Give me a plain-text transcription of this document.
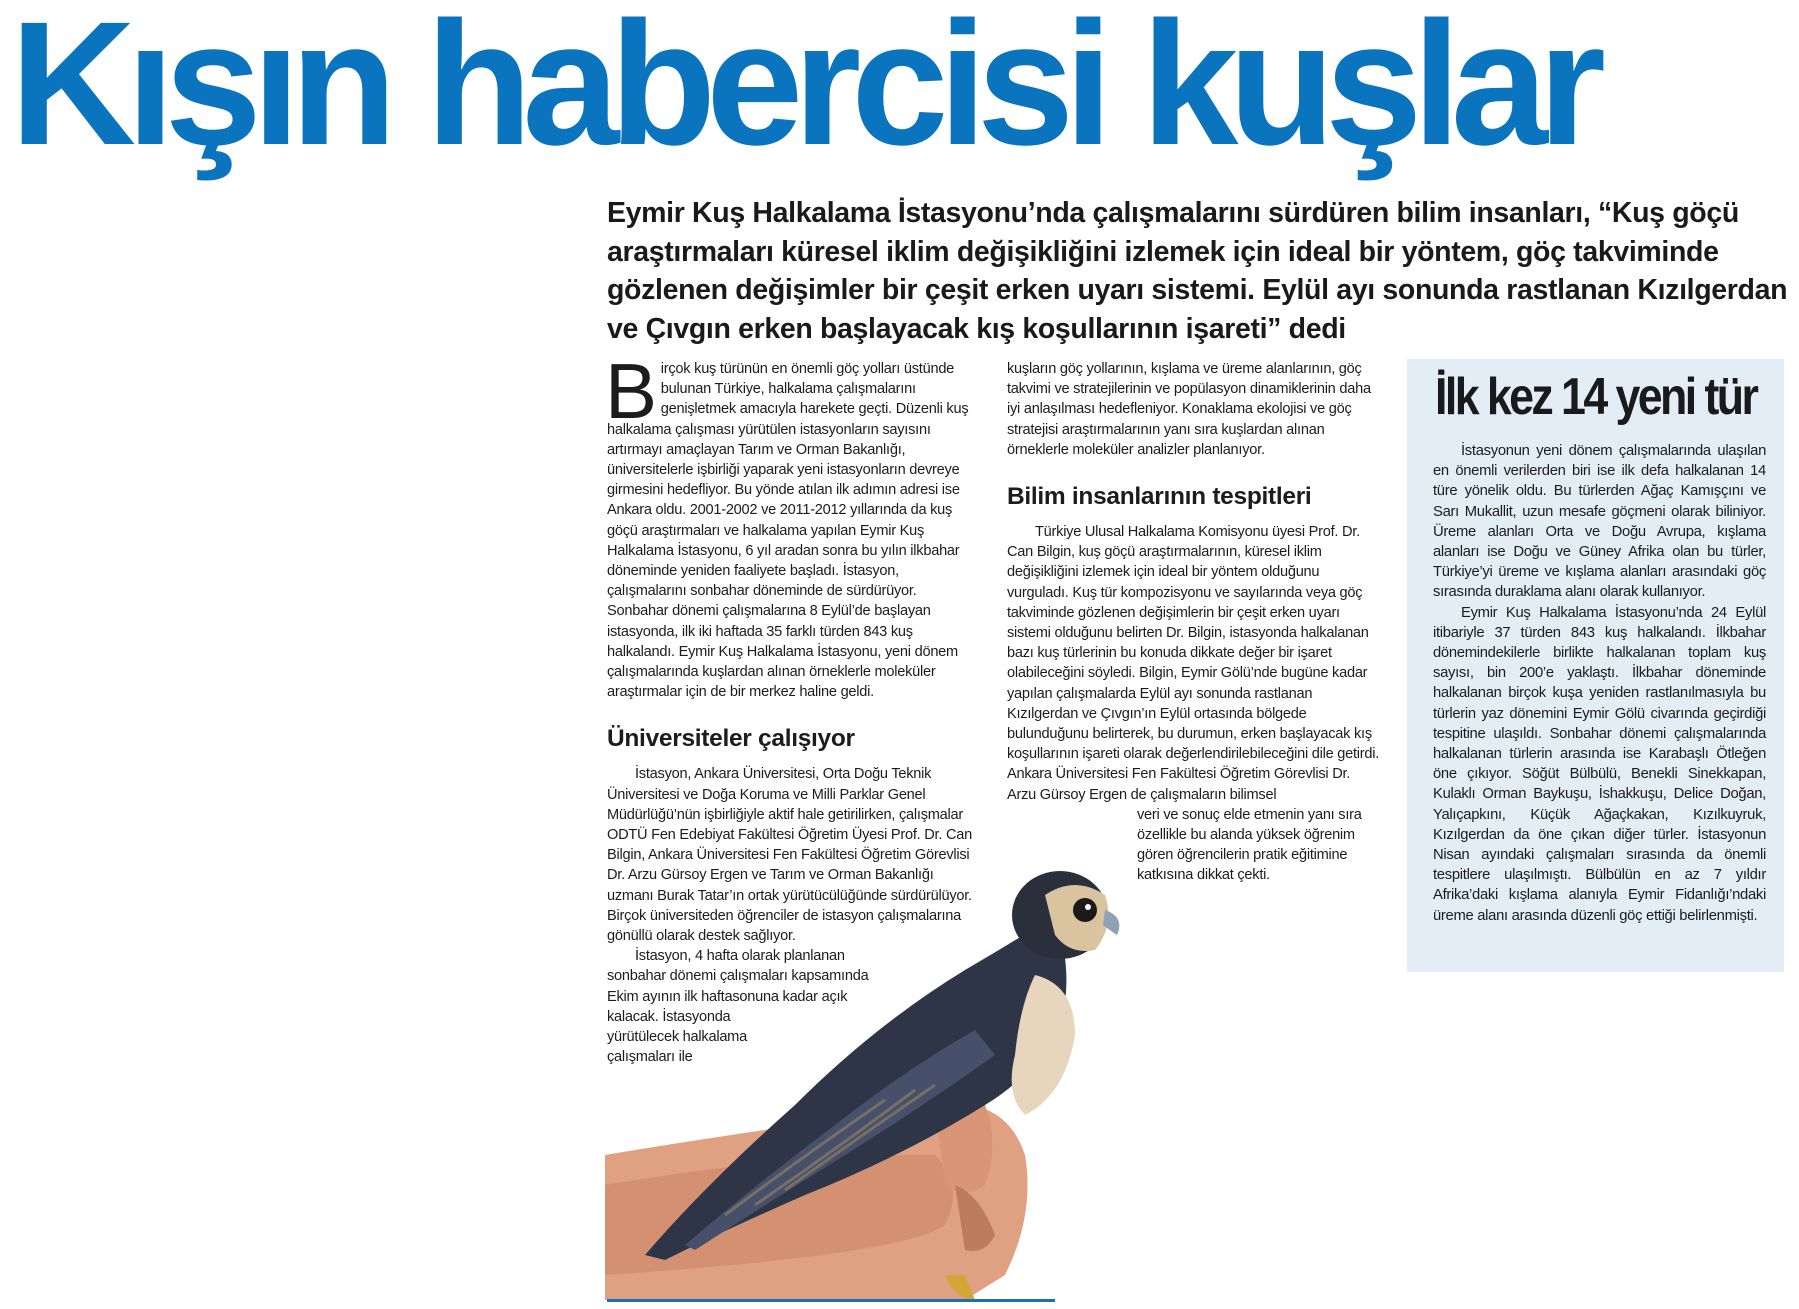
Kışın habercisi kuşlar

Eymir Kuş Halkalama İstasyonu’nda çalışmalarını sürdüren bilim insanları, “Kuş göçü araştırmaları küresel iklim değişikliğini izlemek için ideal bir yöntem, göç takviminde gözlenen değişimler bir çeşit erken uyarı sistemi. Eylül ayı sonunda rastlanan Kızılgerdan ve Çıvgın erken başlayacak kış koşullarının işareti” dedi

B irçok kuş türünün en önemli göç yolları üstünde bulunan Türkiye, halkalama çalışmalarını genişletmek amacıyla harekete geçti. Düzenli kuş halkalama çalışması yürütülen istasyonların sayısını artırmayı amaçlayan Tarım ve Orman Bakanlığı, üniversitelerle işbirliği yaparak yeni istasyonların devreye girmesini hedefliyor. Bu yönde atılan ilk adımın adresi ise Ankara oldu. 2001-2002 ve 2011-2012 yıllarında da kuş göçü araştırmaları ve halkalama yapılan Eymir Kuş Halkalama İstasyonu, 6 yıl aradan sonra bu yılın ilkbahar döneminde yeniden faaliyete başladı. İstasyon, çalışmalarını sonbahar döneminde de sürdürüyor. Sonbahar dönemi çalışmalarına 8 Eylül’de başlayan istasyonda, ilk iki haftada 35 farklı türden 843 kuş halkalandı. Eymir Kuş Halkalama İstasyonu, yeni dönem çalışmalarında kuşlardan alınan örneklerle moleküler araştırmalar için de bir merkez haline geldi.

Üniversiteler çalışıyor

İstasyon, Ankara Üniversitesi, Orta Doğu Teknik Üniversitesi ve Doğa Koruma ve Milli Parklar Genel Müdürlüğü’nün işbirliğiyle aktif hale getirilirken, çalışmalar ODTÜ Fen Edebiyat Fakültesi Öğretim Üyesi Prof. Dr. Can Bilgin, Ankara Üniversitesi Fen Fakültesi Öğretim Görevlisi Dr. Arzu Gürsoy Ergen ve Tarım ve Orman Bakanlığı uzmanı Burak Tatar’ın ortak yürütücülüğünde sürdürülüyor. Birçok üniversiteden öğrenciler de istasyon çalışmalarına gönüllü olarak destek sağlıyor.

İstasyon, 4 hafta olarak planlanan sonbahar dönemi çalışmaları kapsamında Ekim ayının ilk haftasonuna kadar açık kalacak. İstasyonda

yürütülecek halkalama çalışmaları ile

kuşların göç yollarının, kışlama ve üreme alanlarının, göç takvimi ve stratejilerinin ve popülasyon dinamiklerinin daha iyi anlaşılması hedefleniyor. Konaklama ekolojisi ve göç stratejisi araştırmalarının yanı sıra kuşlardan alınan örneklerle moleküler analizler planlanıyor.

Bilim insanlarının tespitleri

Türkiye Ulusal Halkalama Komisyonu üyesi Prof. Dr. Can Bilgin, kuş göçü araştırmalarının, küresel iklim değişikliğini izlemek için ideal bir yöntem olduğunu vurguladı. Kuş tür kompozisyonu ve sayılarında veya göç takviminde gözlenen değişimlerin bir çeşit erken uyarı sistemi olduğunu belirten Dr. Bilgin, istasyonda halkalanan bazı kuş türlerinin bu konuda dikkate değer bir işaret olabileceğini söyledi. Bilgin, Eymir Gölü’nde bugüne kadar yapılan çalışmalarda Eylül ayı sonunda rastlanan Kızılgerdan ve Çıvgın’ın Eylül ortasında bölgede bulunduğunu belirterek, bu durumun, erken başlayacak kış koşullarının işareti olarak değerlendirilebileceğini dile getirdi. Ankara Üniversitesi Fen Fakültesi Öğretim Görevlisi Dr. Arzu Gürsoy Ergen de çalışmaların bilimsel

veri ve sonuç elde etmenin yanı sıra özellikle bu alanda yüksek öğrenim gören öğrencilerin pratik eğitimine katkısına dikkat çekti.

İlk kez 14 yeni tür

İstasyonun yeni dönem çalışmalarında ulaşılan en önemli verilerden biri ise ilk defa halkalanan 14 türe yönelik oldu. Bu türlerden Ağaç Kamışçını ve Sarı Mukallit, uzun mesafe göçmeni olarak biliniyor. Üreme alanları Orta ve Doğu Avrupa, kışlama alanları ise Doğu ve Güney Afrika olan bu türler, Türkiye’yi üreme ve kışlama alanları arasındaki göç sırasında duraklama alanı olarak kullanıyor.

Eymir Kuş Halkalama İstasyonu’nda 24 Eylül itibariyle 37 türden 843 kuş halkalandı. İlkbahar dönemindekilerle birlikte halkalanan toplam kuş sayısı, bin 200’e yaklaştı. İlkbahar döneminde halkalanan birçok kuşa yeniden rastlanılmasıyla bu türlerin yaz dönemini Eymir Gölü civarında geçirdiği tespitine ulaşıldı. Sonbahar dönemi çalışmalarında halkalanan türlerin arasında ise Karabaşlı Ötleğen öne çıkıyor. Söğüt Bülbülü, Benekli Sinekkapan, Kulaklı Orman Baykuşu, İshakkuşu, Delice Doğan, Yalıçapkını, Küçük Ağaçkakan, Kızılkuyruk, Kızılgerdan da öne çıkan diğer türler. İstasyonun Nisan ayındaki çalışmaları sırasında da önemli tespitlere ulaşılmıştı. Bülbülün en az 7 yıldır Afrika’daki kışlama alanıyla Eymir Fidanlığı’ndaki üreme alanı arasında düzenli göç ettiği belirlenmişti.
